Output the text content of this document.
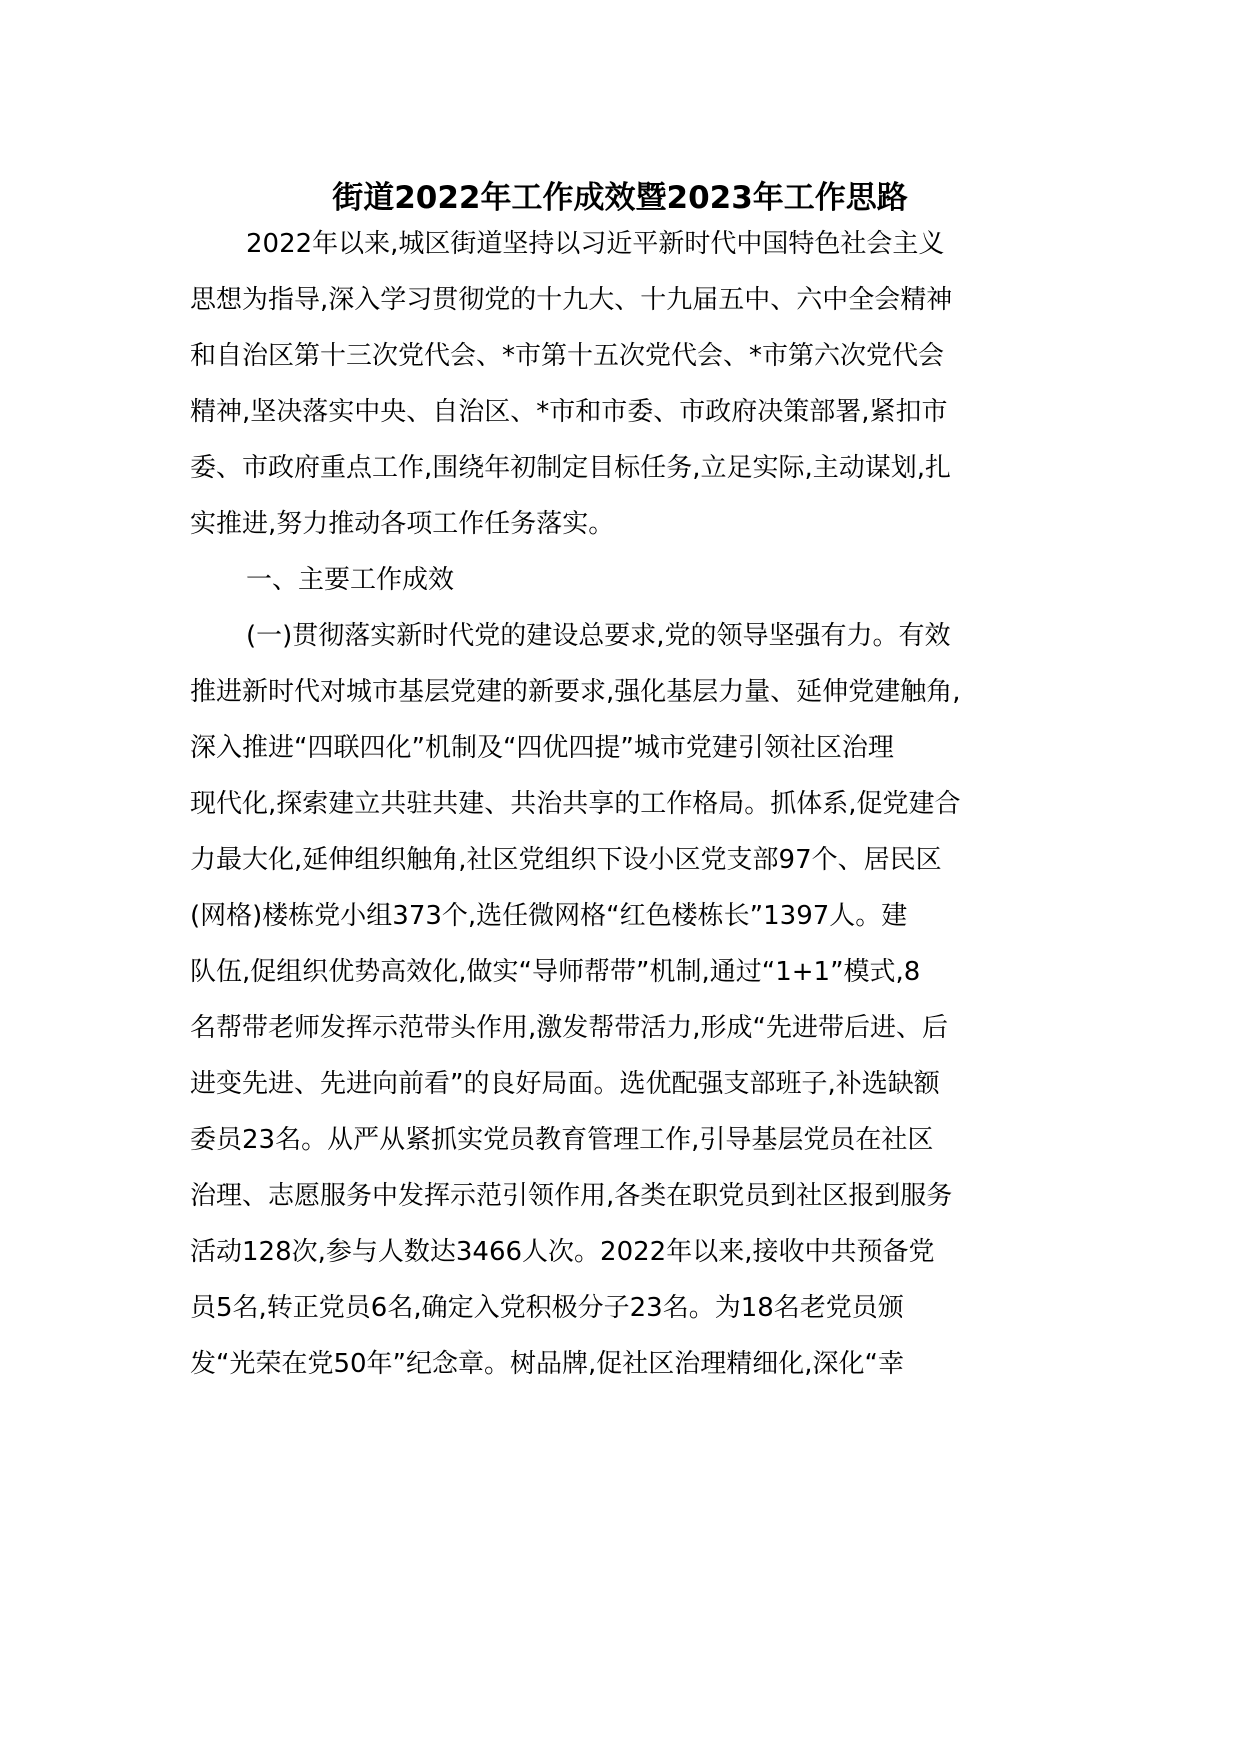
街道2022年工作成效暨2023年工作思路
2022年以来,城区街道坚持以习近平新时代中国特色社会主义
思想为指导,深入学习贯彻党的十九大、十九届五中、六中全会精神
和自治区第十三次党代会、*市第十五次党代会、*市第六次党代会
精神,坚决落实中央、自治区、*市和市委、市政府决策部署,紧扣市
委、市政府重点工作,围绕年初制定目标任务,立足实际,主动谋划,扎
实推进,努力推动各项工作任务落实。
一、主要工作成效
(一)贯彻落实新时代党的建设总要求,党的领导坚强有力。有效
推进新时代对城市基层党建的新要求,强化基层力量、延伸党建触角,
深入推进“四联四化”机制及“四优四提”城市党建引领社区治理
现代化,探索建立共驻共建、共治共享的工作格局。抓体系,促党建合
力最大化,延伸组织触角,社区党组织下设小区党支部97个、居民区
(网格)楼栋党小组373个,选任微网格“红色楼栋长”1397人。建
队伍,促组织优势高效化,做实“导师帮带”机制,通过“1+1”模式,8
名帮带老师发挥示范带头作用,激发帮带活力,形成“先进带后进、后
进变先进、先进向前看”的良好局面。选优配强支部班子,补选缺额
委员23名。从严从紧抓实党员教育管理工作,引导基层党员在社区
治理、志愿服务中发挥示范引领作用,各类在职党员到社区报到服务
活动128次,参与人数达3466人次。2022年以来,接收中共预备党
员5名,转正党员6名,确定入党积极分子23名。为18名老党员颁
发“光荣在党50年”纪念章。树品牌,促社区治理精细化,深化“幸
